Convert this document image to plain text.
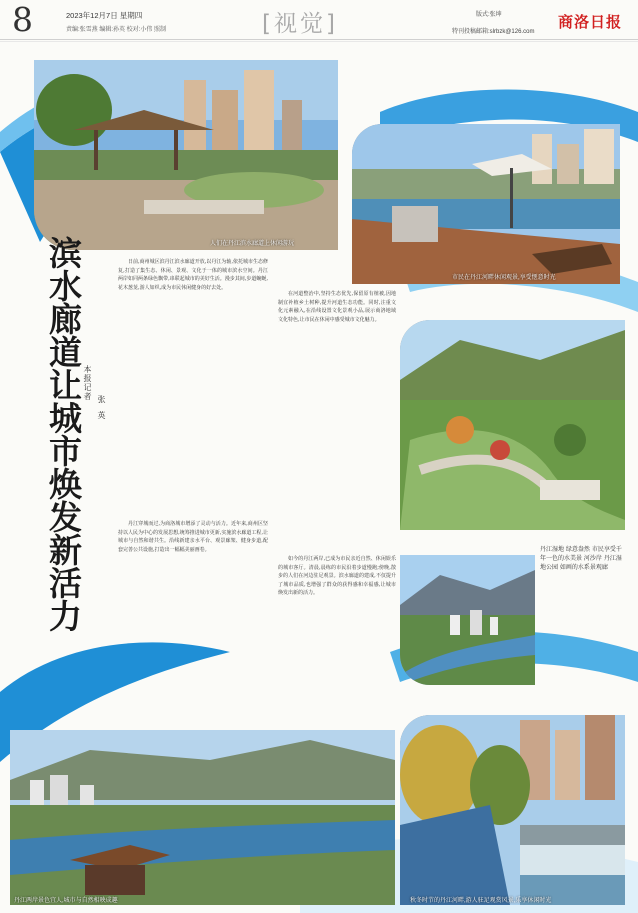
8	2023年12月7日 星期四
责编:张雪燕 编辑:孙英 校对:小伟 照制	[视觉]	版式:张坤
特刊投稿邮箱:slrbzk@126.com
商洛日报
人们在丹江滨水廊道上休闲游玩
市民在丹江河畔休闲观景,享受惬意时光
丹江两岸景色宜人,城市与自然相映成趣	秋冬时节的丹江河畔,游人驻足观赏风景,乐享休闲时光
滨水廊道让城市焕发新活力 本报记者
张英

日前,商州城区滨丹江滨水廊道开放,以丹江为轴,依托城市生态修复,打造了集生态、休闲、景观、文化于一体的城市滨水空间。丹江两岸如同两条绿色飘带,串联起城市的美好生活。漫步其间,步道蜿蜒,花木葱茏,游人如织,成为市民休闲健身的好去处。

丹江穿城而过,为商洛城市增添了灵动与活力。近年来,商州区坚持以人民为中心的发展思想,统筹推进城市更新,实施滨水廊道工程,让城市与自然和谐共生。沿线新建亲水平台、观景廊架、健身步道,配套完善公共设施,打造出一幅幅美丽画卷。

在河道整治中,坚持生态优先,保留原有植被,因地制宜补植乡土树种,提升河道生态功能。同时,注重文化元素融入,在沿线设置文化景观小品,展示商洛地域文化特色,让市民在休闲中感受城市文化魅力。

如今的丹江两岸,已成为市民亲近自然、休闲娱乐的城市客厅。清晨,晨练的市民沿着步道慢跑;傍晚,散步的人们在河边驻足观景。滨水廊道的建成,不仅提升了城市品质,也增强了群众的获得感和幸福感,让城市焕发出新的活力。

丹江湿地 绿意盎然 市民享受千年一色的水美景 河沙岸 丹江湿地公园 如画的水系景观廊
